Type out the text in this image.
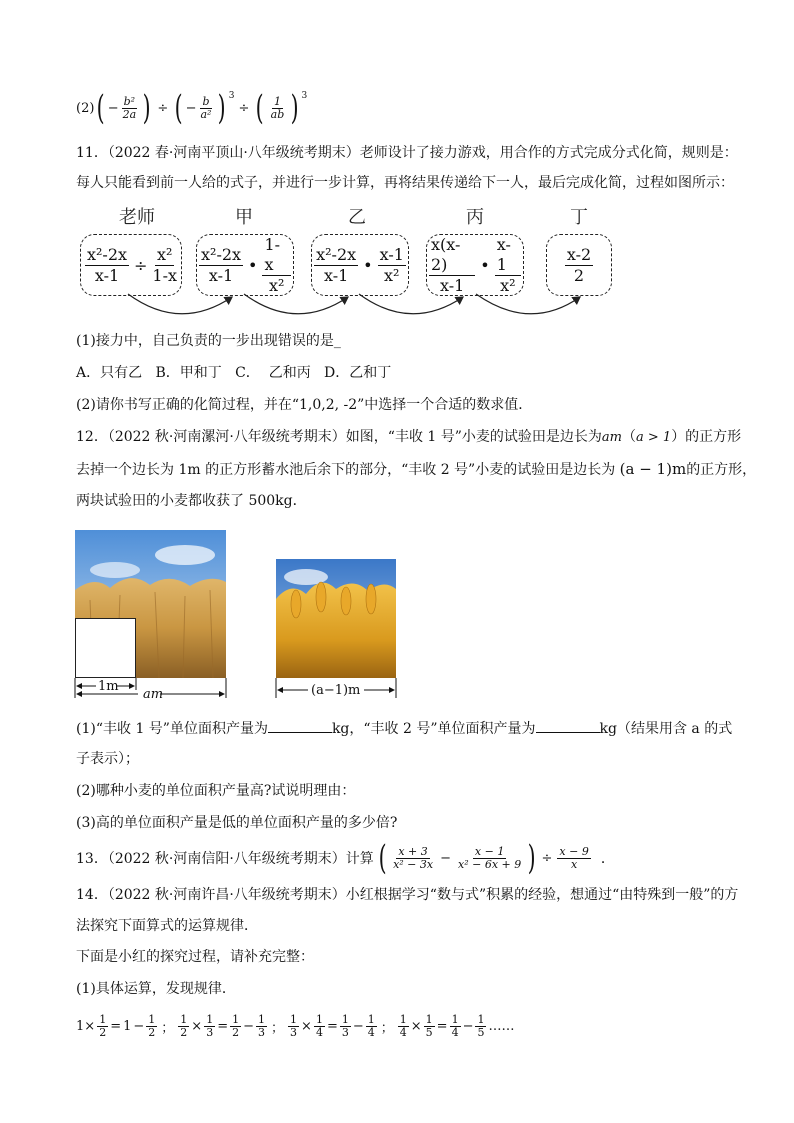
(2) ( − $\frac{\text{b²}}{2a}$ ) ÷ ( − $\frac{b}{\text{a²}}$ ) 3
÷ ( $\frac{1}{ab}$ ) 3
11．（2022 春·河南平顶山·八年级统考期末）老师设计了接力游戏，用合作的方式完成分式化简，规则是：
每人只能看到前一人给的式子，并进行一步计算，再将结果传递给下一人，最后完成化简，过程如图所示：
老师	甲	乙	丙	丁
$\frac{\text{x²-2x}}{x-1} \div \frac{\text{x²}}{1-x} \frac{\text{x²-2x}}{x-1}$ • $\frac{1-x}{\text{x²}} \frac{\text{x²-2x}}{x-1}$ • $\frac{x-1}{\text{x²}} \frac{x(x-2)}{x-1}$ • $\frac{x-1}{\text{x²}}$	$\frac{x-2}{2}$
(1)接力中，自己负责的一步出现错误的是_
A．只有乙   B．甲和丁   C．  乙和丙   D．乙和丁
(2)请你书写正确的化简过程，并在“1,0,2, -2”中选择一个合适的数求值．
12．（2022 秋·河南漯河·八年级统考期末）如图，“丰收 1 号”小麦的试验田是边长为am（a > 1）的正方形
去掉一个边长为 1m 的正方形蓄水池后余下的部分，“丰收 2 号”小麦的试验田是边长为 (a − 1)m的正方形，
两块试验田的小麦都收获了 500kg．
1m
am	(a−1)m
(1)“丰收 1 号”单位面积产量为	kg，“丰收 2 号”单位面积产量为	kg（结果用含 a 的式
子表示）；
(2)哪种小麦的单位面积产量高?试说明理由：
(3)高的单位面积产量是低的单位面积产量的多少倍?
13．（2022 秋·河南信阳·八年级统考期末）计算 ( $\frac{x + 3}{\text{x² − 3x}} - \frac{x - 1}{\text{x² − 6x + 9}}$ ) ÷ $\frac{x - 9}{x}$ ．
14．（2022 秋·河南许昌·八年级统考期末）小红根据学习“数与式”积累的经验，想通过“由特殊到一般”的方
法探究下面算式的运算规律．
下面是小红的探究过程，请补充完整：
(1)具体运算，发现规律．
$1 \times \frac{1}{2} = 1 - \frac{1}{2}$ ； $\frac{1}{2} \times \frac{1}{3} = \frac{1}{2} - \frac{1}{3}$ ； $\frac{1}{3} \times \frac{1}{4} = \frac{1}{3} - \frac{1}{4}$ ； $\frac{1}{4} \times \frac{1}{5} = \frac{1}{4} - \frac{1}{5}$ ……
